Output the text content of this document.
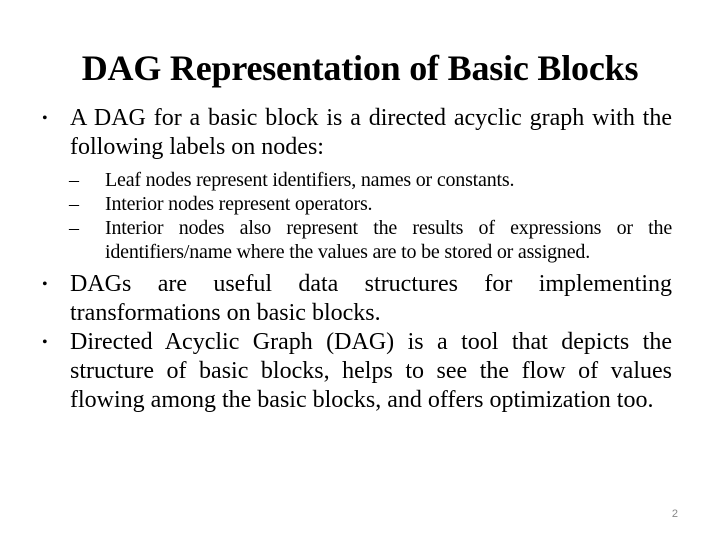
DAG Representation of Basic Blocks
• A DAG for a basic block is a directed acyclic graph with the following labels on nodes:
– Leaf nodes represent identifiers, names or constants.
– Interior nodes represent operators.
– Interior nodes also represent the results of expressions or the identifiers/name where the values are to be stored or assigned.
• DAGs are useful data structures for implementing transformations on basic blocks.
• Directed Acyclic Graph (DAG) is a tool that depicts the structure of basic blocks, helps to see the flow of values flowing among the basic blocks, and offers optimization too.
2
